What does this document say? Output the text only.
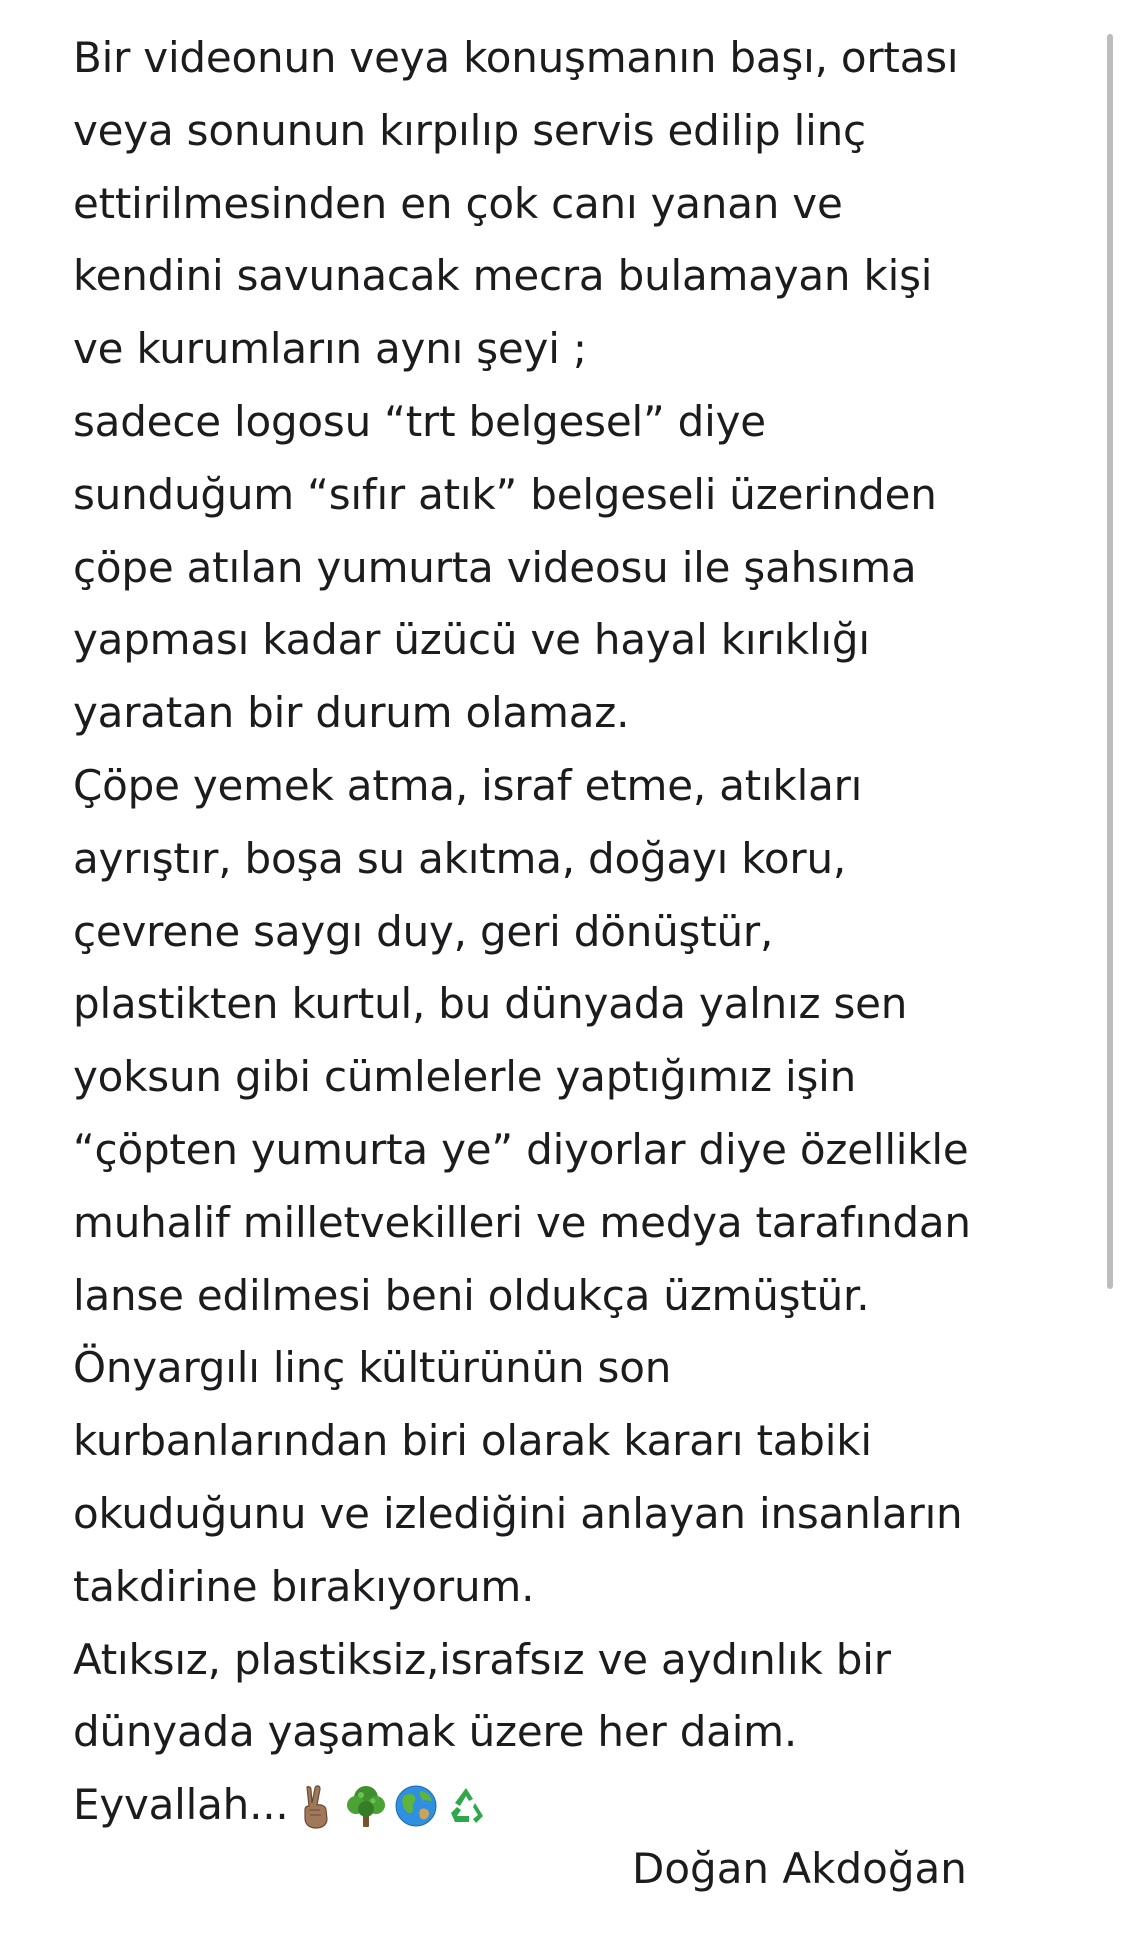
Bir videonun veya konuşmanın başı, ortası
veya sonunun kırpılıp servis edilip linç
ettirilmesinden en çok canı yanan ve
kendini savunacak mecra bulamayan kişi
ve kurumların aynı şeyi ;
sadece logosu “trt belgesel” diye
sunduğum “sıfır atık” belgeseli üzerinden
çöpe atılan yumurta videosu ile şahsıma
yapması kadar üzücü ve hayal kırıklığı
yaratan bir durum olamaz.
Çöpe yemek atma, israf etme, atıkları
ayrıştır, boşa su akıtma, doğayı koru,
çevrene saygı duy, geri dönüştür,
plastikten kurtul, bu dünyada yalnız sen
yoksun gibi cümlelerle yaptığımız işin
“çöpten yumurta ye” diyorlar diye özellikle
muhalif milletvekilleri ve medya tarafından
lanse edilmesi beni oldukça üzmüştür.
Önyargılı linç kültürünün son
kurbanlarından biri olarak kararı tabiki
okuduğunu ve izlediğini anlayan insanların
takdirine bırakıyorum.
Atıksız, plastiksiz,israfsız ve aydınlık bir
dünyada yaşamak üzere her daim.
Eyvallah...
Doğan Akdoğan
